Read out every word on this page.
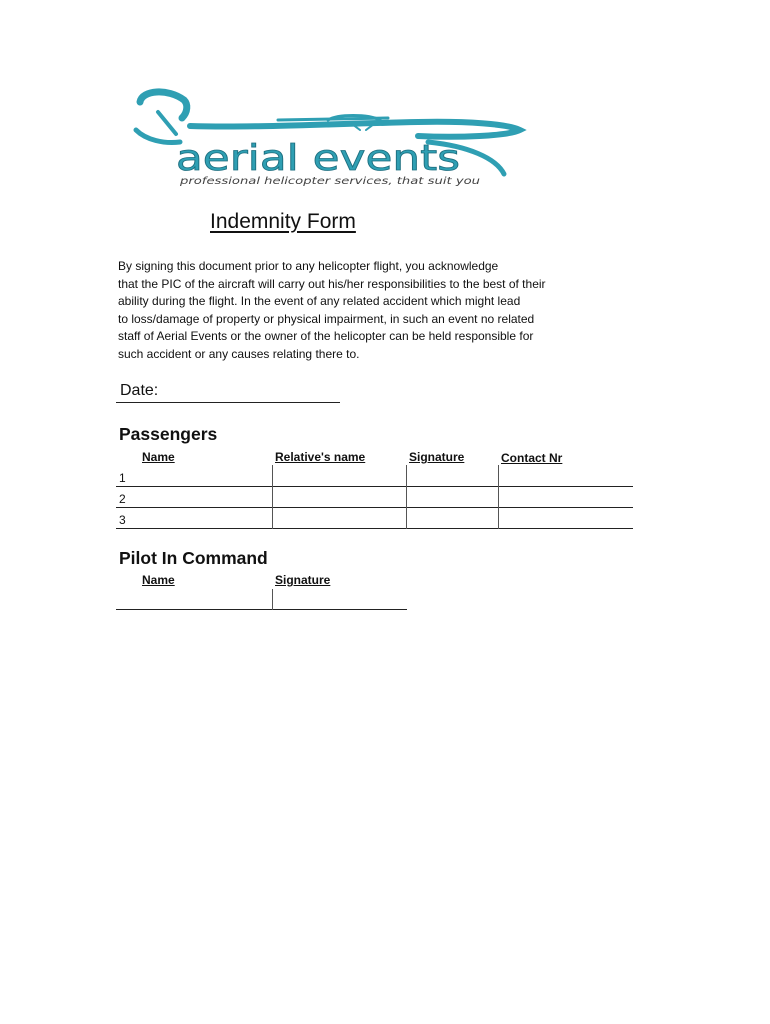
aerial events
professional helicopter services, that suit you
Indemnity Form
By signing this document prior to any helicopter flight, you acknowledge
that the PIC of the aircraft will carry out his/her responsibilities to the best of their
ability during the flight. In the event of any related accident which might lead
to loss/damage of property or physical impairment, in such an event no related
staff of Aerial Events or the owner of the helicopter can be held responsible for
such accident or any causes relating there to.
Date:
Passengers
Name	Relative's name	Signature	Contact Nr
1
2
3
Pilot In Command
Name	Signature
